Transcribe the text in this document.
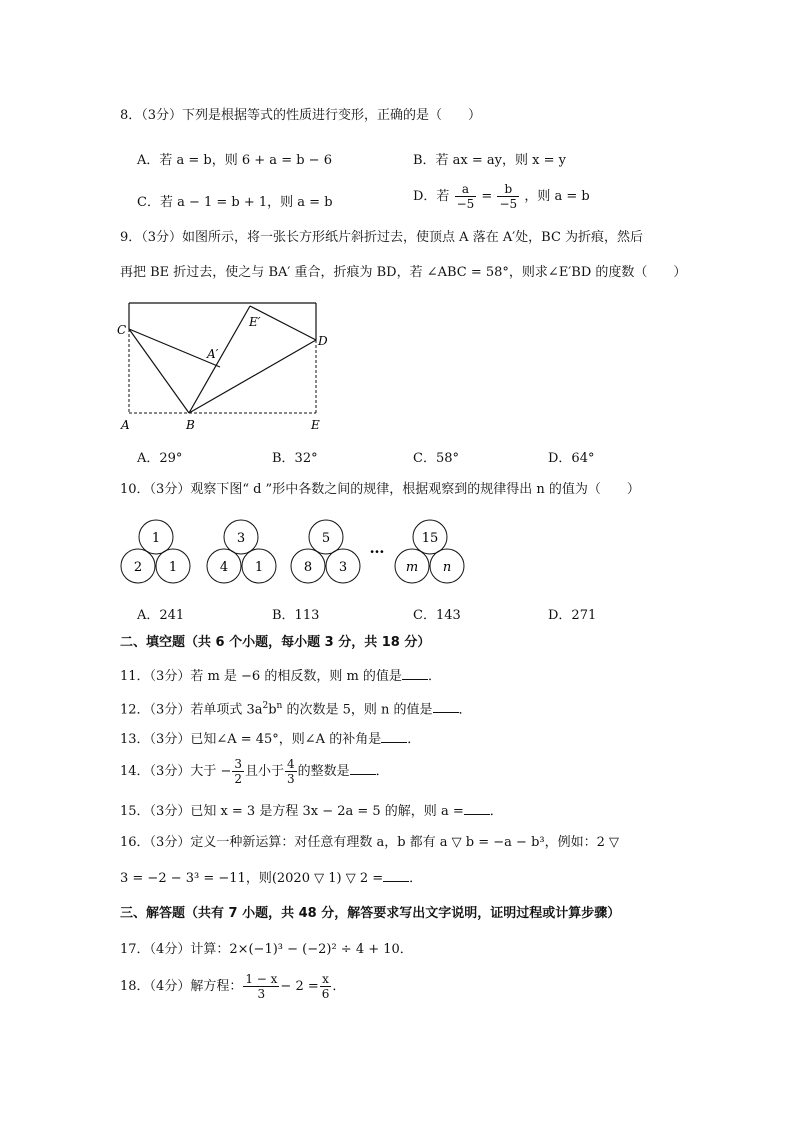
8．（3分）下列是根据等式的性质进行变形，正确的是（　　）
A．若 a = b，则 6 + a = b − 6	B．若 ax = ay，则 x = y
C．若 a − 1 = b + 1，则 a = b	D．若 $\frac{a}{-5} = \frac{b}{-5}$ ，则 a = b
9．（3分）如图所示，将一张长方形纸片斜折过去，使顶点 A 落在 A′处，BC 为折痕，然后
再把 BE 折过去，使之与 BA′ 重合，折痕为 BD，若 ∠ABC = 58°，则求∠E′BD 的度数（　　）
C
A′
E′
D
A	B	E
A．29°	B．32°	C．58°	D．64°
10．（3分）观察下图“ d ”形中各数之间的规律，根据观察到的规律得出 n 的值为（　　）
1
2 1
3
4 1
5
8 3
…
15
m n
A．241	B．113	C．143	D．271
二、填空题（共 6 个小题，每小题 3 分，共 18 分）
11．（3分）若 m 是 −6 的相反数，则 m 的值是 ．
12．（3分）若单项式 $3a^2b^n$ 的次数是 5，则 n 的值是 ．
13．（3分）已知∠A = 45°，则∠A 的补角是 ．
14．（3分）大于 − $\frac{3}{2}$ 且小于 $\frac{4}{3}$ 的整数是 ．
15．（3分）已知 x = 3 是方程 3x − 2a = 5 的解，则 a = ．
16．（3分）定义一种新运算：对任意有理数 a，b 都有 a ▽ b = −a − b³，例如：2 ▽
3 = −2 − 3³ = −11，则(2020 ▽ 1) ▽ 2 = ．
三、解答题（共有 7 小题，共 48 分，解答要求写出文字说明，证明过程或计算步骤）
17．（4分）计算：2×(−1)³ − (−2)² ÷ 4 + 10．
18．（4分）解方程： $\frac{1 - x}{3} - 2 = \frac{x}{6}$ ．
